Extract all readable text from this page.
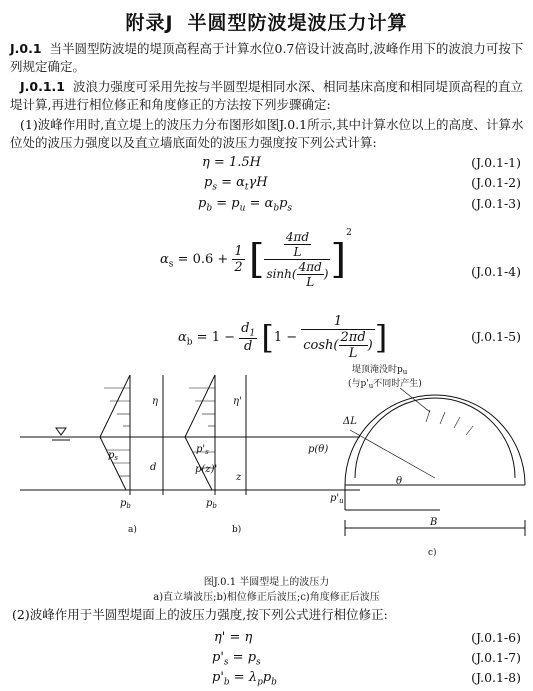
附录J 半圆型防波堤波压力计算
J.0.1 当半圆型防波堤的堤顶高程高于计算水位0.7倍设计波高时,波峰作用下的波浪力可按下列规定确定。
J.0.1.1 波浪力强度可采用先按与半圆型堤相同水深、相同基床高度和相同堤顶高程的直立堤计算,再进行相位修正和角度修正的方法按下列步骤确定:
(1)波峰作用时,直立堤上的波压力分布图形如图J.0.1所示,其中计算水位以上的高度、计算水位处的波压力强度以及直立墙底面处的波压力强度按下列公式计算:
η = 1.5H	(J.0.1-1)
$p_s = \alpha_t\gamma H$	(J.0.1-2)
$p_b = p_u = \alpha_bp_s$	(J.0.1-3)
$\alpha_s = 0.6 + \frac{1}{2}$ [ $\frac{\frac{4\pi d}{L}}{\sinh( \frac{4\pi d}{L} )} ]^2$
(J.0.1-4)
$\alpha_b = 1 - \frac{d_1}{d} [1 - \frac{1}{\cosh( \frac{2\pi d}{L} )}$ ]	(J.0.1-5)
η
$p_s$
d
$p_b$
η'
$p'_s$
p(z)'
z
$p_b$
p(θ)
θ
$p'_u$
ΔL
B
堤顶淹没时$p_u$
(与$p'_u$不同时产生)
a)	b)
c)
图J.0.1 半圆型堤上的波压力
a)直立墙波压;b)相位修正后波压;c)角度修正后波压
(2)波峰作用于半圆型堤面上的波压力强度,按下列公式进行相位修正:
η' = η	(J.0.1-6)
$p'_s = p_s$	(J.0.1-7)
$p'_b = \lambda_pp_b$	(J.0.1-8)
